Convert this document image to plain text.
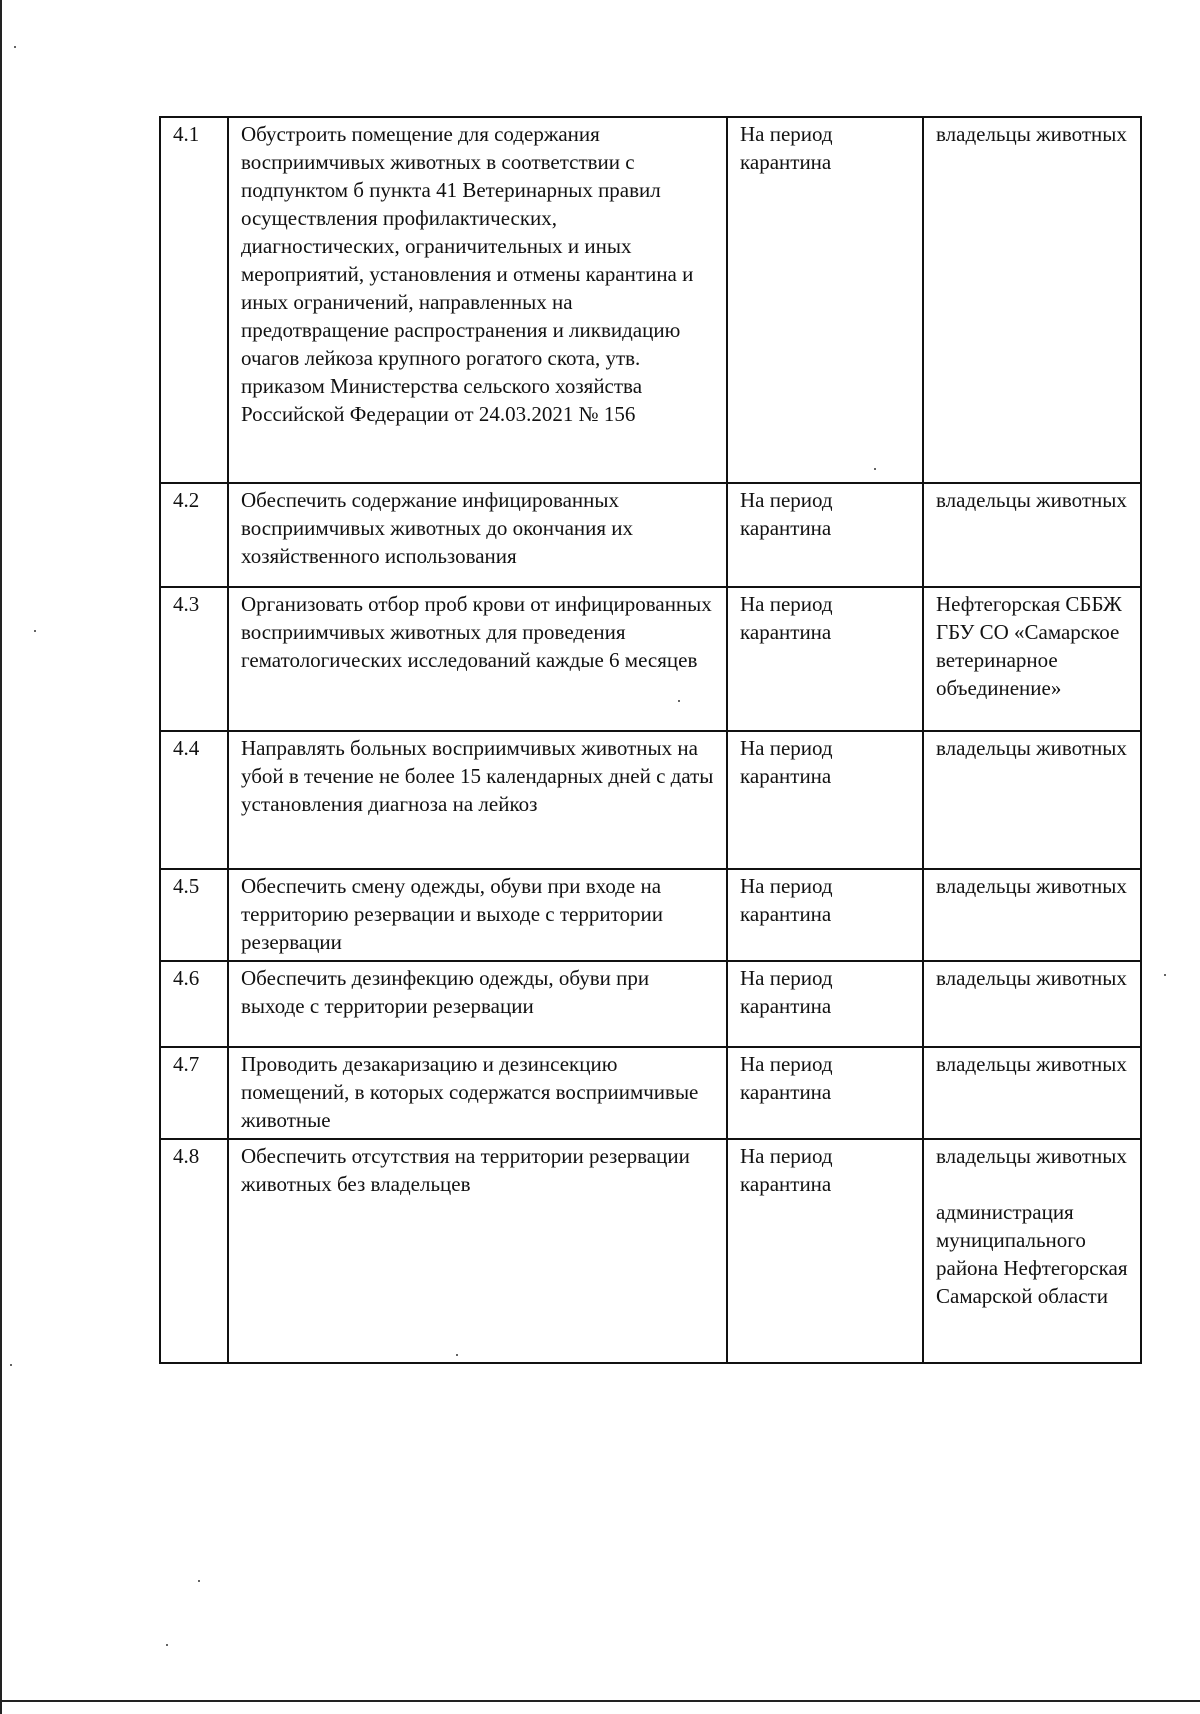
4.1	Обустроить помещение для содержания восприимчивых животных в соответствии с подпунктом б пункта 41 Ветеринарных правил осуществления профилактических, диагностических, ограничительных и иных мероприятий, установления и отмены карантина и иных ограничений, направленных на предотвращение распространения и ликвидацию очагов лейкоза крупного рогатого скота, утв. приказом Министерства сельского хозяйства Российской Федерации от 24.03.2021 № 156	На период карантина	владельцы животных

4.2	Обеспечить содержание инфицированных восприимчивых животных до окончания их хозяйственного использования	На период карантина	владельцы животных

4.3	Организовать отбор проб крови от инфицированных восприимчивых животных для проведения гематологических исследований каждые 6 месяцев	На период карантина	Нефтегорская СББЖ ГБУ СО «Самарское ветеринарное объединение»

4.4	Направлять больных восприимчивых животных на убой в течение не более 15 календарных дней с даты установления диагноза на лейкоз	На период карантина	владельцы животных

4.5	Обеспечить смену одежды, обуви при входе на территорию резервации и выходе с территории резервации	На период карантина	владельцы животных

4.6	Обеспечить дезинфекцию одежды, обуви при выходе с территории резервации	На период карантина	владельцы животных

4.7	Проводить дезакаризацию и дезинсекцию помещений, в которых содержатся восприимчивые животные	На период карантина	владельцы животных

4.8	Обеспечить отсутствия на территории резервации животных без владельцев	На период карантина	владельцы животных
администрация муниципального района Нефтегорская Самарской области
